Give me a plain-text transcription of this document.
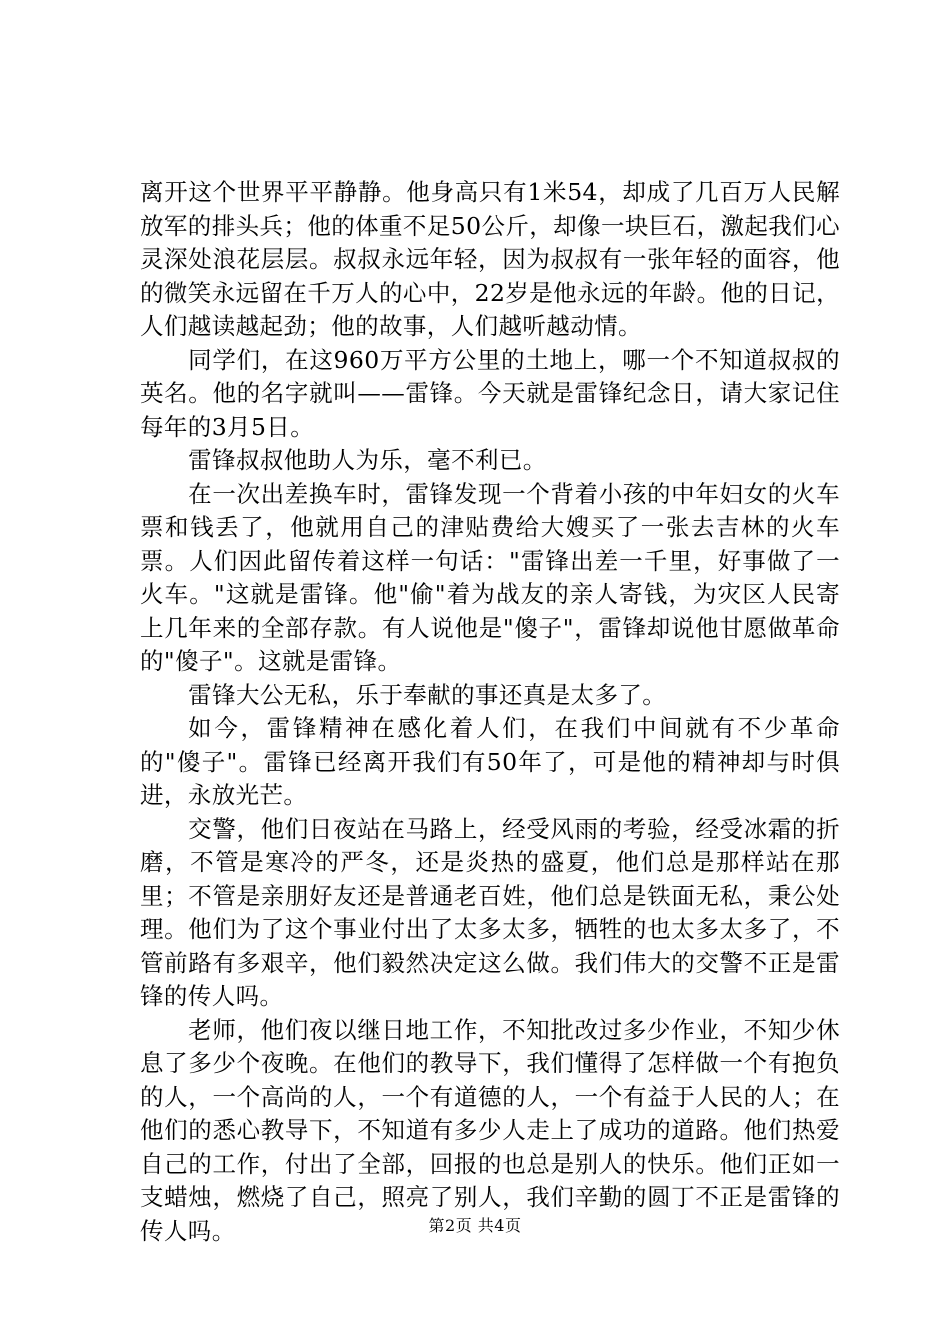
离开这个世界平平静静。他身高只有1米54，却成了几百万人民解放军的排头兵；他的体重不足50公斤，却像一块巨石，激起我们心灵深处浪花层层。叔叔永远年轻，因为叔叔有一张年轻的面容，他的微笑永远留在千万人的心中，22岁是他永远的年龄。他的日记，人们越读越起劲；他的故事，人们越听越动情。

同学们，在这960万平方公里的土地上，哪一个不知道叔叔的英名。他的名字就叫——雷锋。今天就是雷锋纪念日，请大家记住每年的3月5日。

雷锋叔叔他助人为乐，毫不利已。

在一次出差换车时，雷锋发现一个背着小孩的中年妇女的火车票和钱丢了，他就用自己的津贴费给大嫂买了一张去吉林的火车票。人们因此留传着这样一句话："雷锋出差一千里，好事做了一火车。"这就是雷锋。他"偷"着为战友的亲人寄钱，为灾区人民寄上几年来的全部存款。有人说他是"傻子"，雷锋却说他甘愿做革命的"傻子"。这就是雷锋。

雷锋大公无私，乐于奉献的事还真是太多了。

如今，雷锋精神在感化着人们，在我们中间就有不少革命的"傻子"。雷锋已经离开我们有50年了，可是他的精神却与时俱进，永放光芒。

交警，他们日夜站在马路上，经受风雨的考验，经受冰霜的折磨，不管是寒冷的严冬，还是炎热的盛夏，他们总是那样站在那里；不管是亲朋好友还是普通老百姓，他们总是铁面无私，秉公处理。他们为了这个事业付出了太多太多，牺牲的也太多太多了，不管前路有多艰辛，他们毅然决定这么做。我们伟大的交警不正是雷锋的传人吗。

老师，他们夜以继日地工作，不知批改过多少作业，不知少休息了多少个夜晚。在他们的教导下，我们懂得了怎样做一个有抱负的人，一个高尚的人，一个有道德的人，一个有益于人民的人；在他们的悉心教导下，不知道有多少人走上了成功的道路。他们热爱自己的工作，付出了全部，回报的也总是别人的快乐。他们正如一支蜡烛，燃烧了自己，照亮了别人，我们辛勤的圆丁不正是雷锋的传人吗。	第2页 共4页
